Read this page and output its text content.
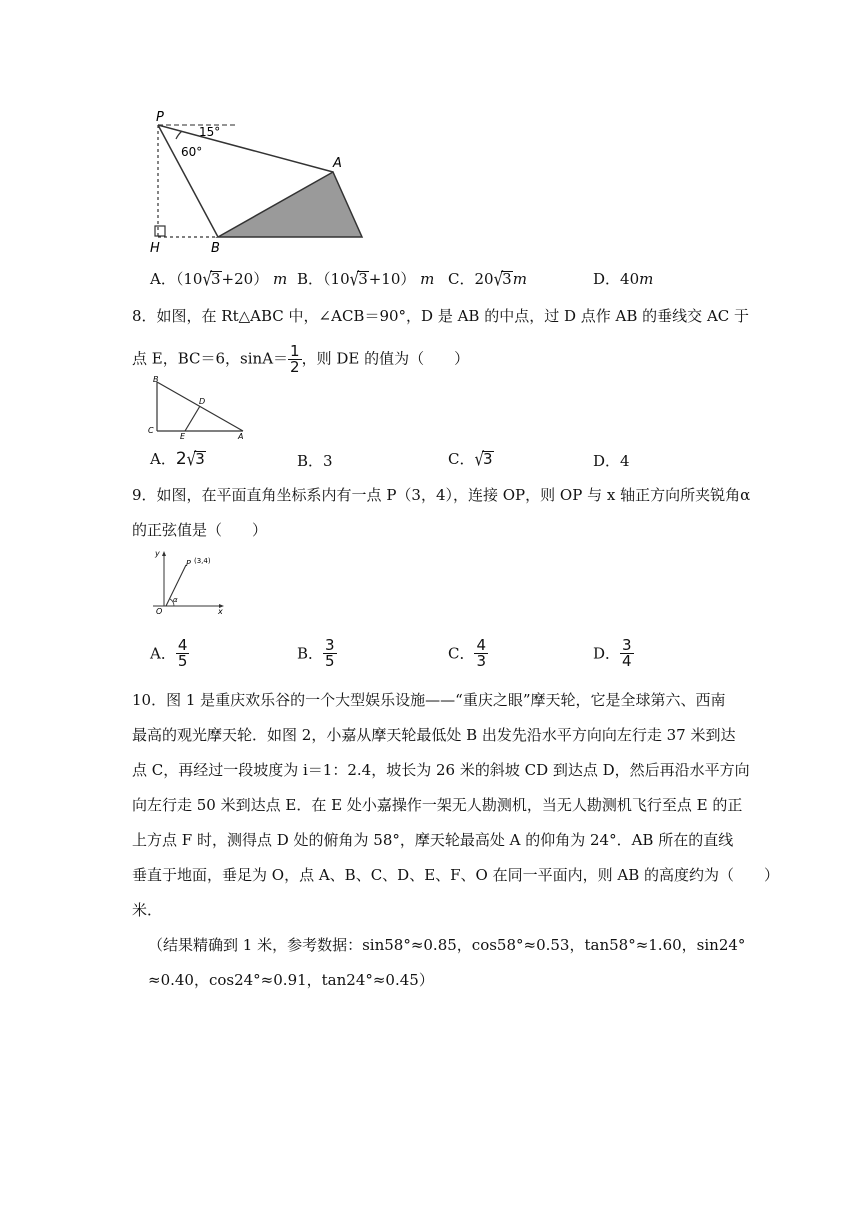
P
15°
60°
A
H	B
A．（10√3+20） m B．（10√3+10） m C．20√3m	D．40m
8．如图，在 Rt△ABC 中，∠ACB＝90°，D 是 AB 的中点，过 D 点作 AB 的垂线交 AC 于
点 E，BC＝6，$\sin A= \frac{1}{2}$ ，则 DE 的值为（　　）
B
D
C
E	A
A．2√3	B．3	C．√3	D．4
9．如图，在平面直角坐标系内有一点 P（3，4），连接 OP，则 OP 与 x 轴正方向所夹锐角α
的正弦值是（　　）
y
x
O
P (3,4)
α
A． $\frac{4}{5}$	B． $\frac{3}{5}$	C． $\frac{4}{3}$	D． $\frac{3}{4}$
10．图 1 是重庆欢乐谷的一个大型娱乐设施——“重庆之眼”摩天轮，它是全球第六、西南
最高的观光摩天轮．如图 2，小嘉从摩天轮最低处 B 出发先沿水平方向向左行走 37 米到达
点 C，再经过一段坡度为 i＝1：2.4，坡长为 26 米的斜坡 CD 到达点 D，然后再沿水平方向
向左行走 50 米到达点 E．在 E 处小嘉操作一架无人勘测机，当无人勘测机飞行至点 E 的正
上方点 F 时，测得点 D 处的俯角为 58°，摩天轮最高处 A 的仰角为 24°．AB 所在的直线
垂直于地面，垂足为 O，点 A、B、C、D、E、F、O 在同一平面内，则 AB 的高度约为（　　）
米．
（结果精确到 1 米，参考数据：sin58°≈0.85，cos58°≈0.53，tan58°≈1.60，sin24°
≈0.40，cos24°≈0.91，tan24°≈0.45）
